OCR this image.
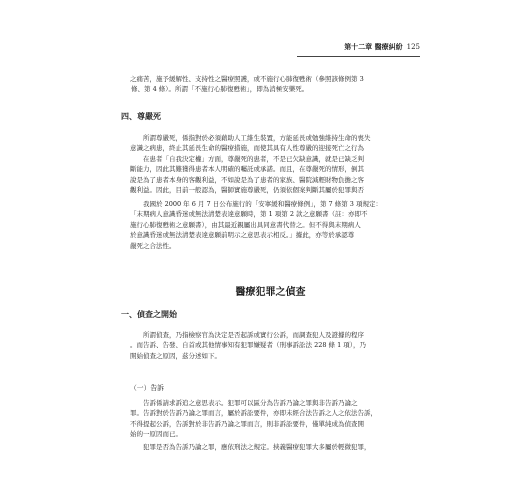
第十二章 醫療糾紛 125
之痛苦，施予緩解性、支持性之醫療照護，或不施行心肺復甦術（參照該條例第 3
條、第 4 條）。所謂「不施行心肺復甦術」，即為消極安樂死。
四、尊嚴死
所謂尊嚴死，係指對於必須藉助人工維生裝置，方能延長或勉強維持生命的喪失
意識之病患，終止其延長生命的醫療措施，而使其具有人性尊嚴的迎接死亡之行為
在患者「自我決定權」方面，尊嚴死的患者，不是已欠缺意識，就是已缺乏判
斷能力，因此其難獲得患者本人明確的囑託或承諾。而且，在尊嚴死的情形，倒其
說是為了患者本身的客觀利益，不如說是為了患者的家族、醫院減輕財物負擔之客
觀利益。因此，目前一般認為，醫師實施尊嚴死，仍須依個案判斷其屬於犯罪與否
我國於 2000 年 6 月 7 日公布施行的「安寧緩和醫療條例」，第 7 條第 3 項規定：
「末期病人意識昏迷或無法清楚表達意願時，第 1 項第 2 款之意願書（註：亦即不
施行心肺復甦術之意願書），由其最近親屬出具同意書代替之。但不得與末期病人
於意識昏迷或無法清楚表達意願前明示之意思表示相反。」據此，亦等於承認尊
嚴死之合法性。
醫療犯罪之偵查
一、偵查之開始
所謂偵查，乃指檢察官為決定是否起訴或實行公訴，而調查犯人及證據的程序
。而告訴、告發、自首或其他情事知有犯罪嫌疑者（刑事訴訟法 228 條 1 項），乃
開始偵查之原因，茲分述如下。
（一）告訴
告訴係請求訴追之意思表示。犯罪可以區分為告訴乃論之罪與非告訴乃論之
罪。告訴對於告訴乃論之罪而言，屬於訴訟要件，亦即未經合法告訴之人之依法告訴，
不得提起公訴，告訴對於非告訴乃論之罪而言，則非訴訟要件，僅單純成為偵查開
始的一原因而已。
犯罪是否為告訴乃論之罪，應依刑法之規定。挾義醫療犯罪大多屬於輕微犯罪，
